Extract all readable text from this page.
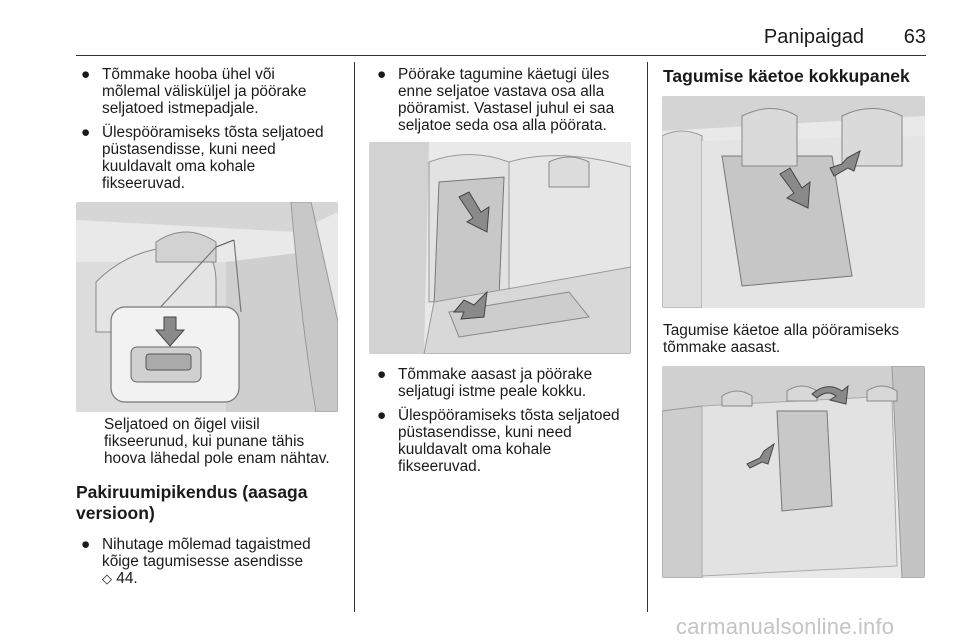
Panipaigad 63
● Tõmmake hooba ühel või
mõlemal välisküljel ja pöörake
seljatoed istmepadjale.
● Ülespööramiseks tõsta seljatoed
püstasendisse, kuni need
kuuldavalt oma kohale
fikseeruvad.
Seljatoed on õigel viisil
fikseerunud, kui punane tähis
hoova lähedal pole enam nähtav.
Pakiruumipikendus (aasaga
versioon)
● Nihutage mõlemad tagaistmed
kõige tagumisesse asendisse
◇ 44.
● Pöörake tagumine käetugi üles
enne seljatoe vastava osa alla
pööramist. Vastasel juhul ei saa
seljatoe seda osa alla pöörata.
● Tõmmake aasast ja pöörake
seljatugi istme peale kokku.
● Ülespööramiseks tõsta seljatoed
püstasendisse, kuni need
kuuldavalt oma kohale
fikseeruvad.
Tagumise käetoe kokkupanek
Tagumise käetoe alla pööramiseks
tõmmake aasast.
carmanualsonline.info
